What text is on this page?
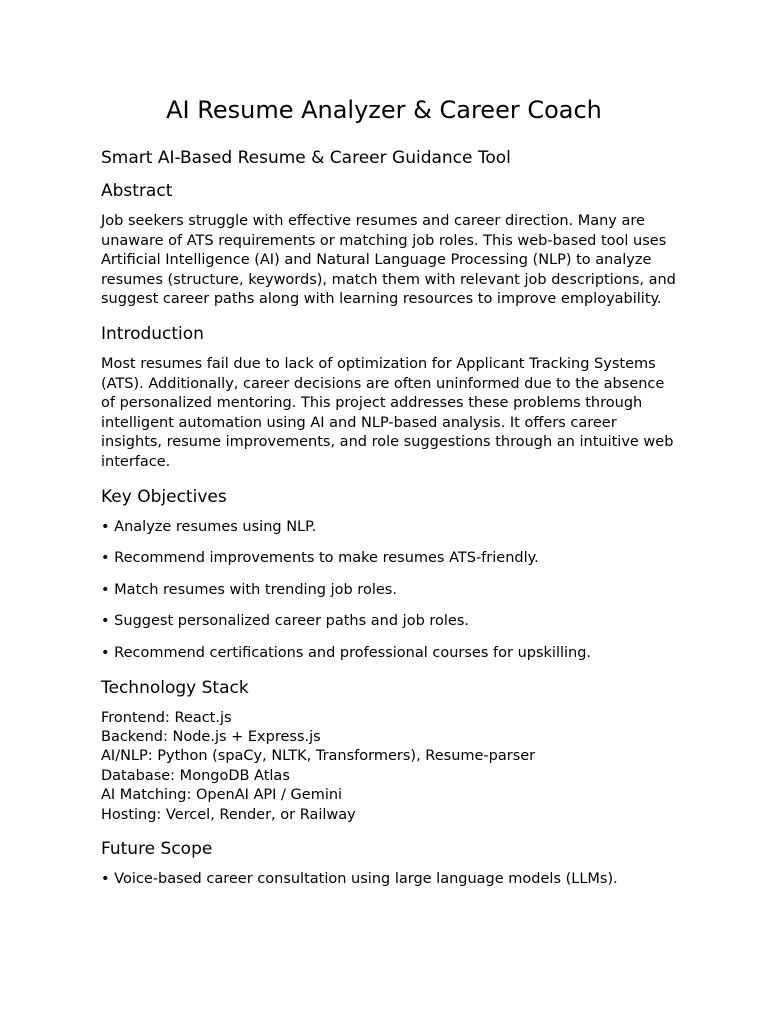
AI Resume Analyzer & Career Coach
Smart AI-Based Resume & Career Guidance Tool
Abstract

Job seekers struggle with effective resumes and career direction. Many are unaware of ATS requirements or matching job roles. This web-based tool uses Artificial Intelligence (AI) and Natural Language Processing (NLP) to analyze resumes (structure, keywords), match them with relevant job descriptions, and suggest career paths along with learning resources to improve employability.

Introduction

Most resumes fail due to lack of optimization for Applicant Tracking Systems (ATS). Additionally, career decisions are often uninformed due to the absence of personalized mentoring. This project addresses these problems through intelligent automation using AI and NLP-based analysis. It offers career insights, resume improvements, and role suggestions through an intuitive web interface.

Key Objectives
• Analyze resumes using NLP.
• Recommend improvements to make resumes ATS-friendly.
• Match resumes with trending job roles.
• Suggest personalized career paths and job roles.
• Recommend certifications and professional courses for upskilling.
Technology Stack
Frontend: React.js
Backend: Node.js + Express.js
AI/NLP: Python (spaCy, NLTK, Transformers), Resume-parser
Database: MongoDB Atlas
AI Matching: OpenAI API / Gemini
Hosting: Vercel, Render, or Railway
Future Scope
• Voice-based career consultation using large language models (LLMs).
